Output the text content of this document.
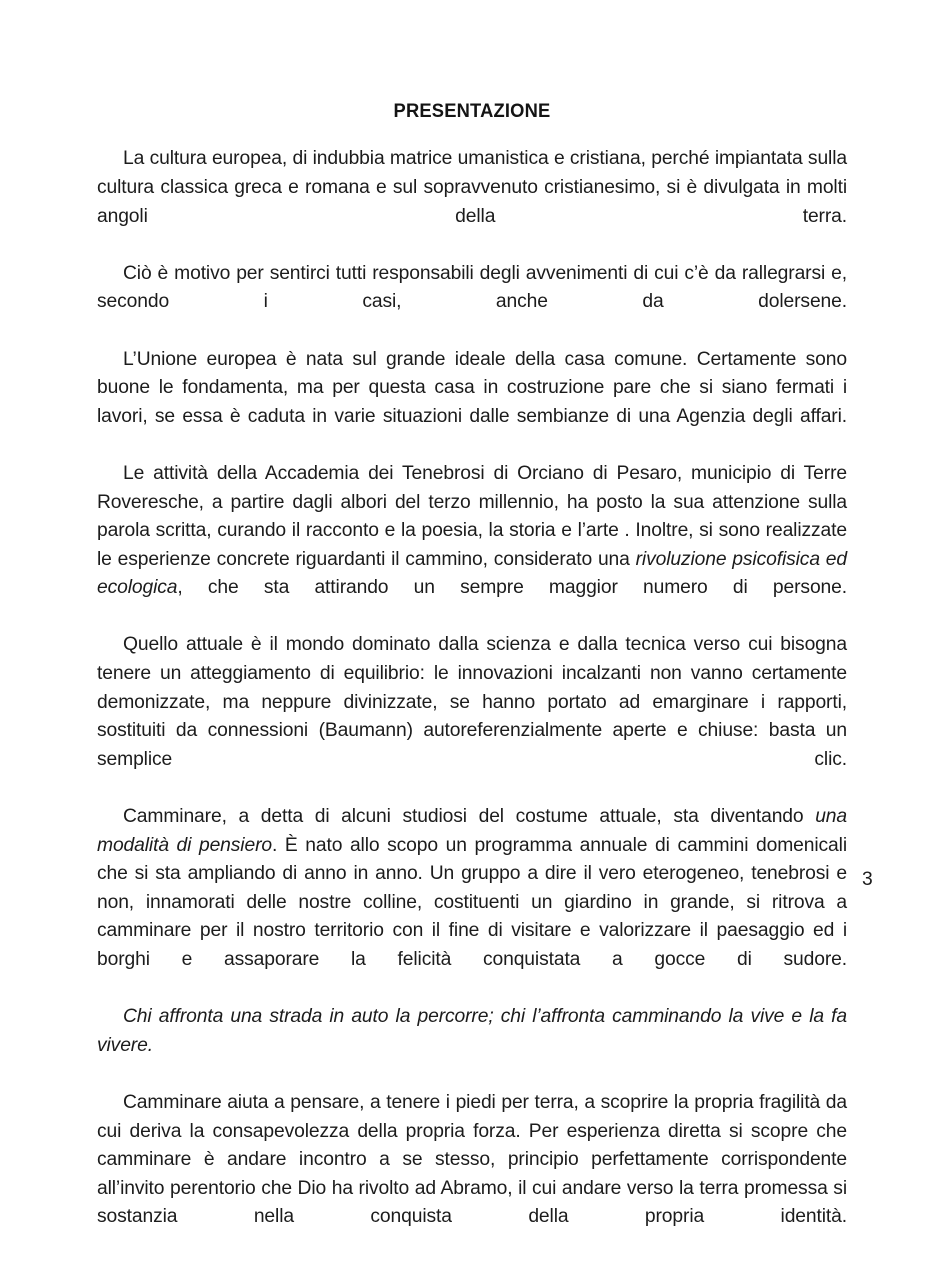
PRESENTAZIONE

La cultura europea, di indubbia matrice umanistica e cristiana, perché impiantata sulla cultura classica greca e romana e sul sopravvenuto cristianesimo, si è divulgata in molti angoli della terra.

Ciò è motivo per sentirci tutti responsabili degli avvenimenti di cui c’è da rallegrarsi e, secondo i casi, anche da dolersene.

L’Unione europea è nata sul grande ideale della casa comune. Certamente sono buone le fondamenta, ma per questa casa in costruzione pare che si siano fermati i lavori, se essa è caduta in varie situazioni dalle sembianze di una Agenzia degli affari.

Le attività della Accademia dei Tenebrosi di Orciano di Pesaro, municipio di Terre Roveresche, a partire dagli albori del terzo millennio, ha posto la sua attenzione sulla parola scritta, curando il racconto e la poesia, la storia e l’arte . Inoltre, si sono realizzate le esperienze concrete riguardanti il cammino, considerato una rivoluzione psicofisica ed ecologica, che sta attirando un sempre maggior numero di persone.

Quello attuale è il mondo dominato dalla scienza e dalla tecnica verso cui bisogna tenere un atteggiamento di equilibrio: le innovazioni incalzanti non vanno certamente demonizzate, ma neppure divinizzate, se hanno portato ad emarginare i rapporti, sostituiti da connessioni (Baumann) autoreferenzialmente aperte e chiuse: basta un semplice clic.

Camminare, a detta di alcuni studiosi del costume attuale, sta diventando una modalità di pensiero. È nato allo scopo un programma annuale di cammini domenicali che si sta ampliando di anno in anno. Un gruppo a dire il vero eterogeneo, tenebrosi e non, innamorati delle nostre colline, costituenti un giardino in grande, si ritrova a camminare per il nostro territorio con il fine di visitare e valorizzare il paesaggio ed i borghi e assaporare la felicità conquistata a gocce di sudore.

Chi affronta una strada in auto la percorre; chi l’affronta camminando la vive e la fa vivere.

Camminare aiuta a pensare, a tenere i piedi per terra, a scoprire la propria fragilità da cui deriva la consapevolezza della propria forza. Per esperienza diretta si scopre che camminare è andare incontro a se stesso, principio perfettamente corrispondente all’invito perentorio che Dio ha rivolto ad Abramo, il cui andare verso la terra promessa si sostanzia nella conquista della propria identità.

3
